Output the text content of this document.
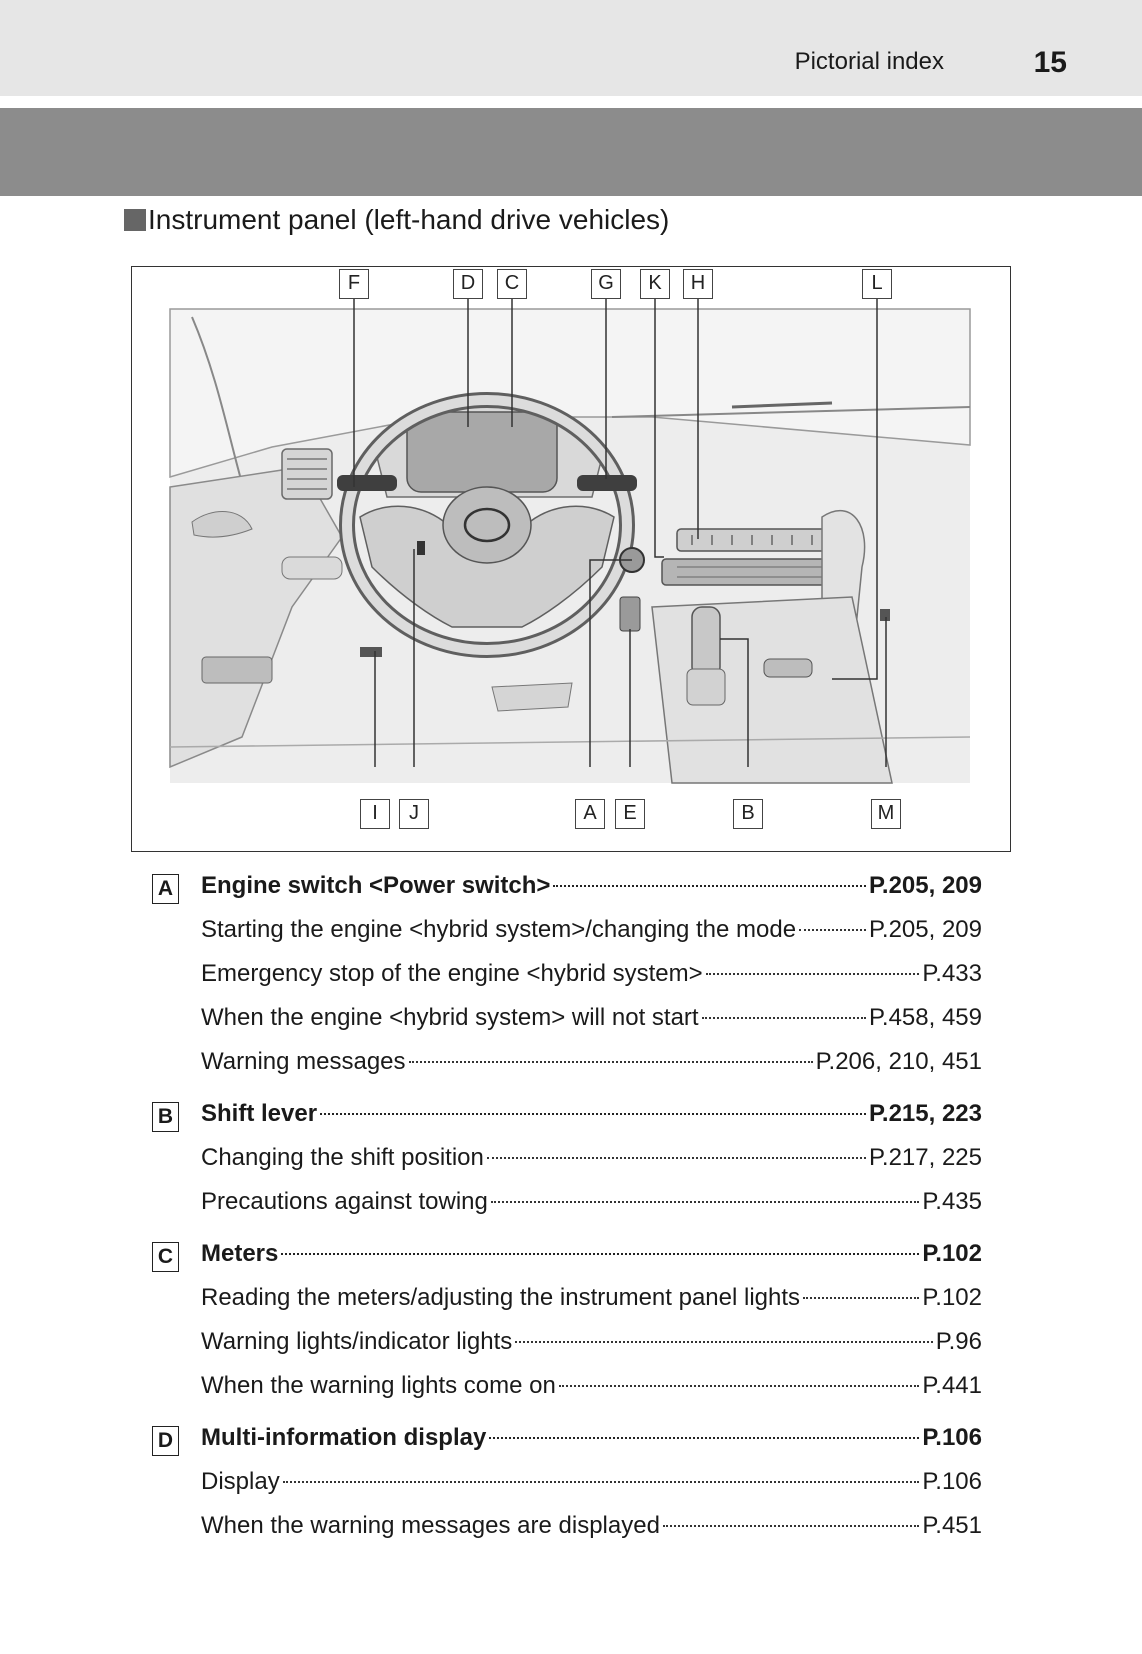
Pictorial index	15
Instrument panel (left-hand drive vehicles)
F	D	C	G	K	H	L
I	J	A	E	B	M
A Engine switch <Power switch>	P.205, 209
Starting the engine <hybrid system>/changing the mode	P.205, 209
Emergency stop of the engine <hybrid system>	P.433
When the engine <hybrid system> will not start	P.458, 459
Warning messages	P.206, 210, 451
B Shift lever	P.215, 223
Changing the shift position	P.217, 225
Precautions against towing	P.435
C Meters	P.102
Reading the meters/adjusting the instrument panel lights	P.102
Warning lights/indicator lights	P.96
When the warning lights come on	P.441
D Multi-information display	P.106
Display	P.106
When the warning messages are displayed	P.451
